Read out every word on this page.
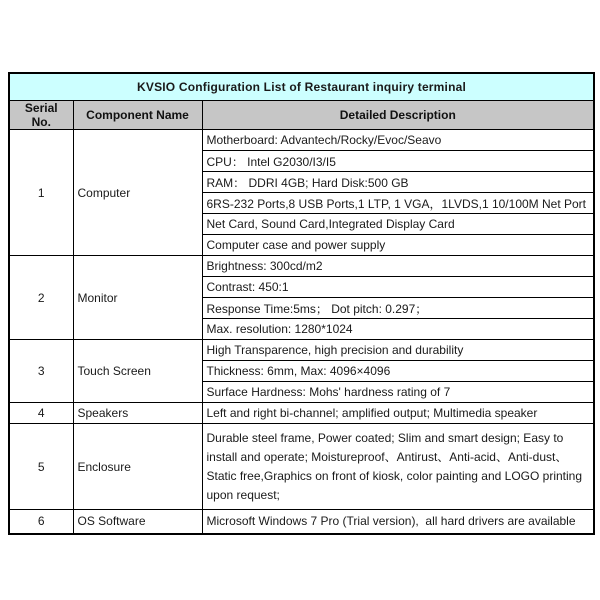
KVSIO Configuration List of Restaurant inquiry terminal		
Serial No.	Component Name	Detailed Description
1	Computer	Motherboard: Advantech/Rocky/Evoc/Seavo
		CPU： Intel G2030/I3/I5
		RAM： DDRI 4GB; Hard Disk:500 GB
		6RS-232 Ports,8 USB Ports,1 LTP, 1 VGA，1LVDS,1 10/100M Net Port
		Net Card, Sound Card,Integrated Display Card
		Computer case and power supply
2	Monitor	Brightness: 300cd/m2
		Contrast: 450:1
		Response Time:5ms； Dot pitch: 0.297；
		Max. resolution: 1280*1024
3	Touch Screen	High Transparence, high precision and durability
		Thickness: 6mm, Max: 4096×4096
		Surface Hardness: Mohs' hardness rating of 7
4	Speakers	Left and right bi-channel; amplified output; Multimedia speaker
5	Enclosure	Durable steel frame, Power coated; Slim and smart design; Easy to install and operate; Moistureproof、Antirust、Anti-acid、Anti-dust、Static free,Graphics on front of kiosk, color painting and LOGO printing upon request;
6	OS Software	Microsoft Windows 7 Pro (Trial version),  all hard drivers are available
